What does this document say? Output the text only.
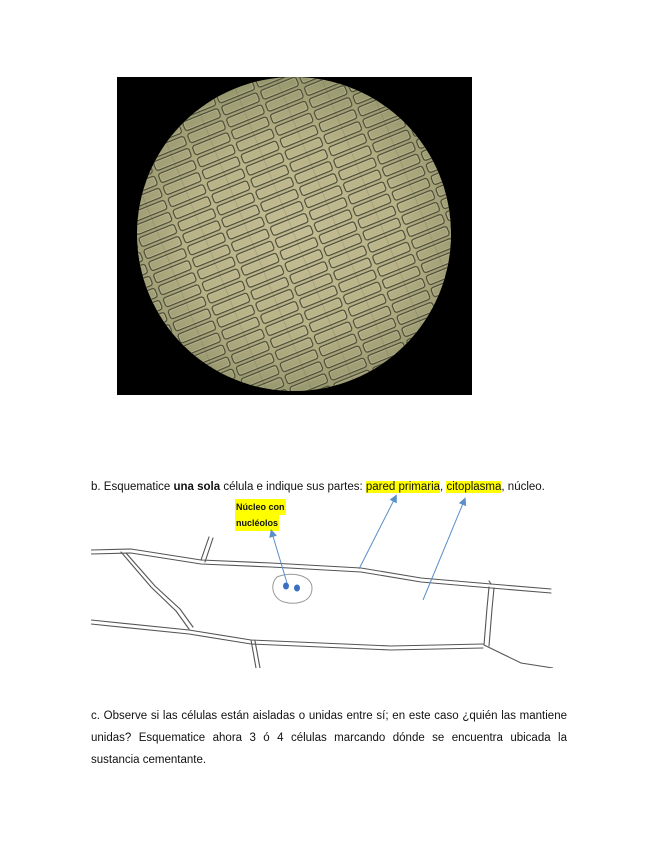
b. Esquematice una sola célula e indique sus partes: pared primaria, citoplasma, núcleo.
Núcleo con
nucléolos
c. Observe si las células están aisladas o unidas entre sí; en este caso ¿quién las mantiene unidas? Esquematice ahora 3 ó 4 células marcando dónde se encuentra ubicada la sustancia cementante.
